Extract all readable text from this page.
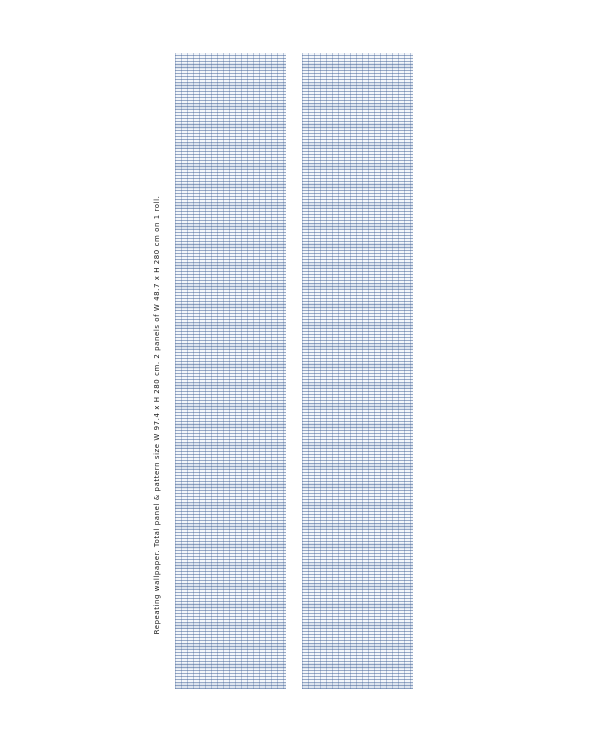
Repeating wallpaper. Total panel & pattern size W 97.4 x H 280 cm. 2 panels of W 48.7 x H 280 cm on 1 roll.
